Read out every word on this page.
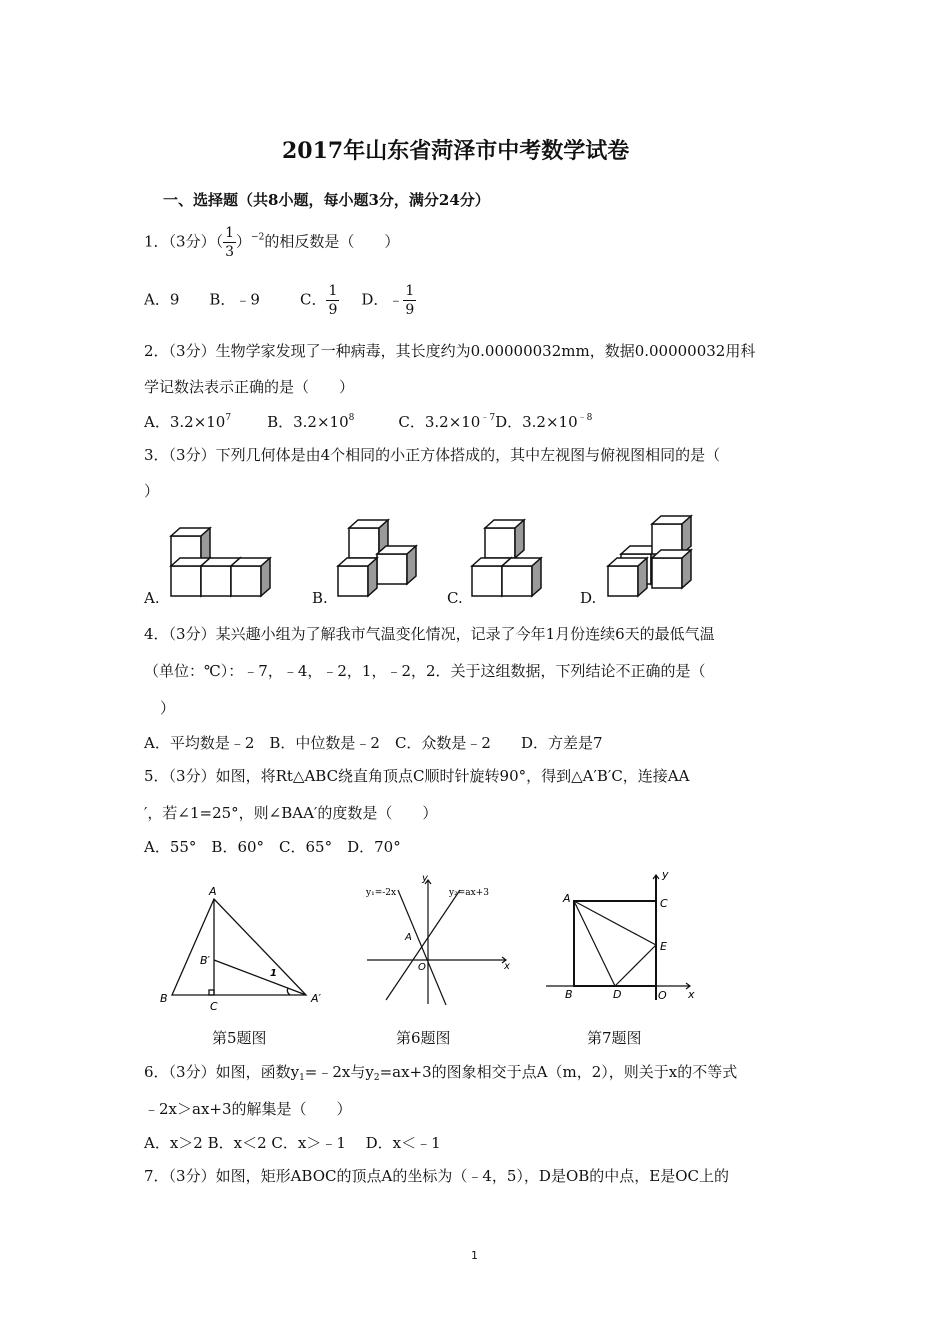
2017年山东省菏泽市中考数学试卷
一、选择题（共8小题，每小题3分，满分24分）
1．（3分）（ $\frac{1}{3} )^{-2}$的相反数是（　　）
A．9 B．﹣9	C． $\frac{1}{9}$ D．﹣ $\frac{1}{9}$
2．（3分）生物学家发现了一种病毒，其长度约为0.00000032mm，数据0.00000032用科
学记数法表示正确的是（　　）
A．$3.2\times 10^7$ B．$3.2\times 10^8$	C．$3.2\times 10^{﹣7}D$．$3.2\times 10^{﹣8}$
3．（3分）下列几何体是由4个相同的小正方体搭成的，其中左视图与俯视图相同的是（
）
A.	B.	C.	D.
4．（3分）某兴趣小组为了解我市气温变化情况，记录了今年1月份连续6天的最低气温
（单位：℃）：﹣7，﹣4，﹣2，1，﹣2，2．关于这组数据，下列结论不正确的是（
）
A．平均数是﹣2　B．中位数是﹣2　C．众数是﹣2　　D．方差是7
5．（3分）如图，将Rt△ABC绕直角顶点C顺时针旋转90°，得到△A′B′C，连接AA
′，若∠1=25°，则∠BAA′的度数是（　　）
A．55°　B．60°　C．65°　D．70°
A
B
C
B′
A′
1
y
x
O
A
y₁=-2x	y₂=ax+3
y
x
A
B
C
D
E
O
第5题图	第6题图	第7题图
6．（3分）如图，函数$y_1=﹣2x$与$y_2=ax+3$的图象相交于点A（m，2），则关于x的不等式
﹣2x＞ax+3的解集是（　　）
A．x＞2 B．x＜2 C．x＞﹣1　 D．x＜﹣1
7．（3分）如图，矩形ABOC的顶点A的坐标为（﹣4，5），D是OB的中点，E是OC上的
1
